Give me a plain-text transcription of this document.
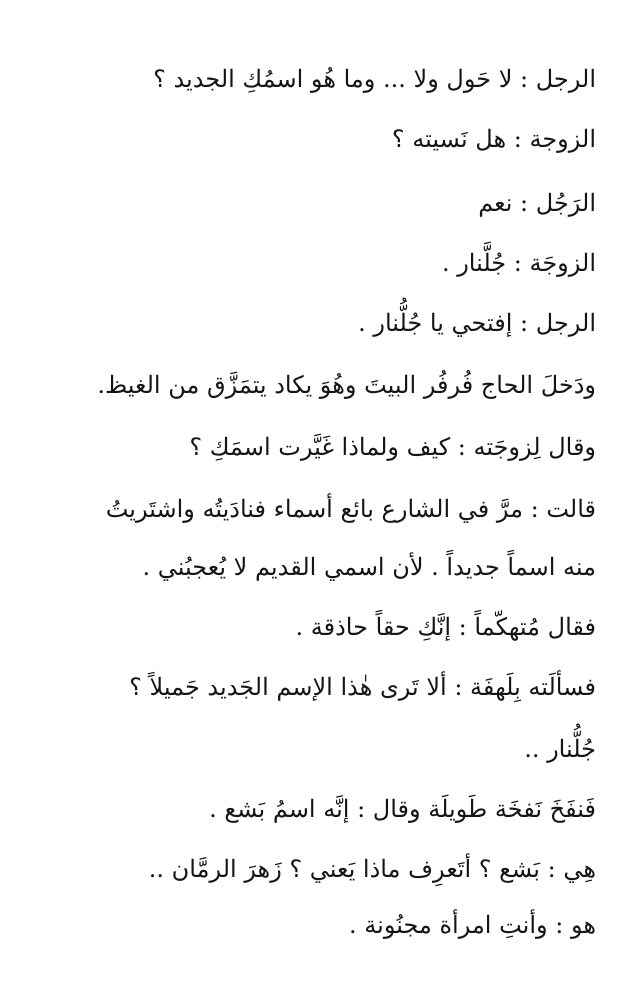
الرجل : لا حَول ولا ... وما هُو اسمُكِ الجديد ؟
الزوجة : هل نَسيته ؟
الرَجُل : نعم
الزوجَة : جُلَّنار .
الرجل : إفتحي يا جُلُّنار .
ودَخلَ الحاج فُرفُر البيتَ وهُوَ يكاد يتمَزَّق من الغيظ.
وقال لِزوجَته : كيف ولماذا غَيَّرت اسمَكِ ؟
قالت : مرَّ في الشارع بائع أسماء فنادَيتُه واشتَريتُ
منه اسماً جديداً . لأن اسمي القديم لا يُعجبُني .
فقال مُتهكّماً : إنَّكِ حقاً حاذقة .
فسألَته بِلَهفَة : ألا تَرى هٰذا الإسم الجَديد جَميلاً ؟
جُلُّنار ..
فَنفَخَ نَفخَة طَويلَة وقال : إنَّه اسمُ بَشع .
هِي : بَشع ؟ أتَعرِف ماذا يَعني ؟ زَهرَ الرمَّان ..
هو : وأنتِ امرأة مجنُونة .
